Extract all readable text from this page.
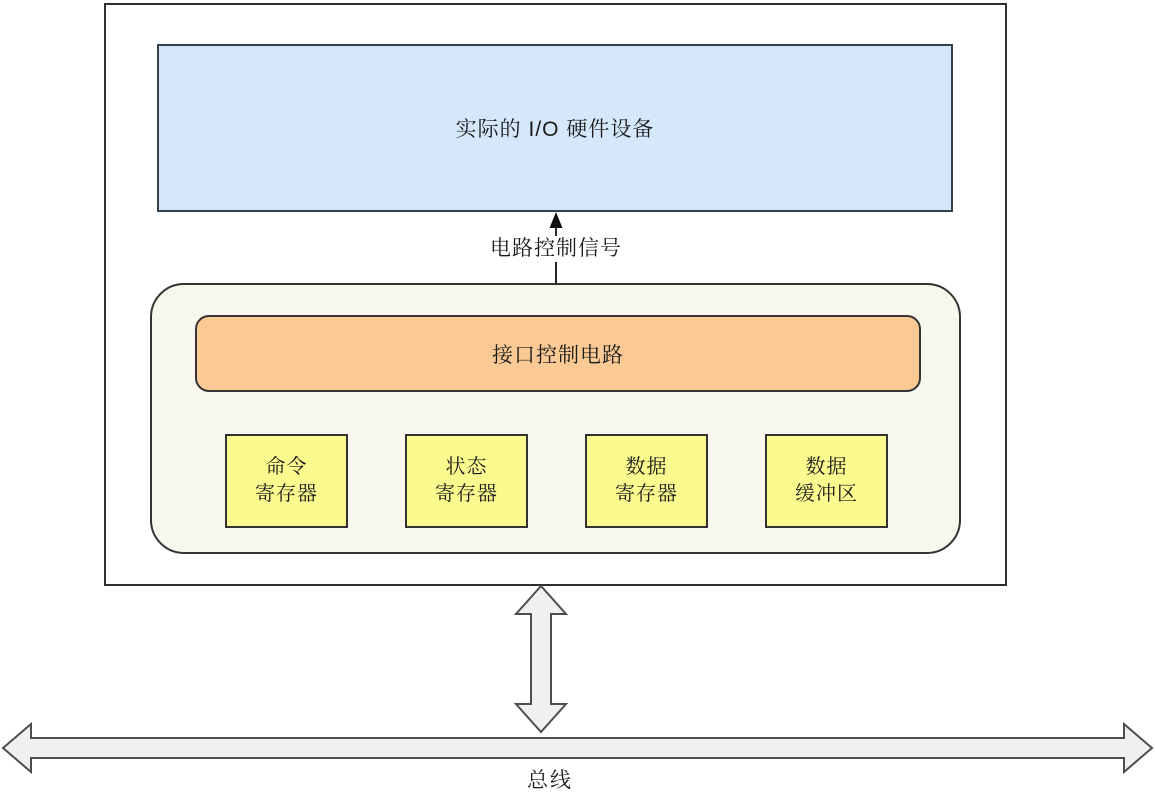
实际的 I/O 硬件设备
电路控制信号
接口控制电路
命令
寄存器
状态
寄存器
数据
寄存器
数据
缓冲区
总线
